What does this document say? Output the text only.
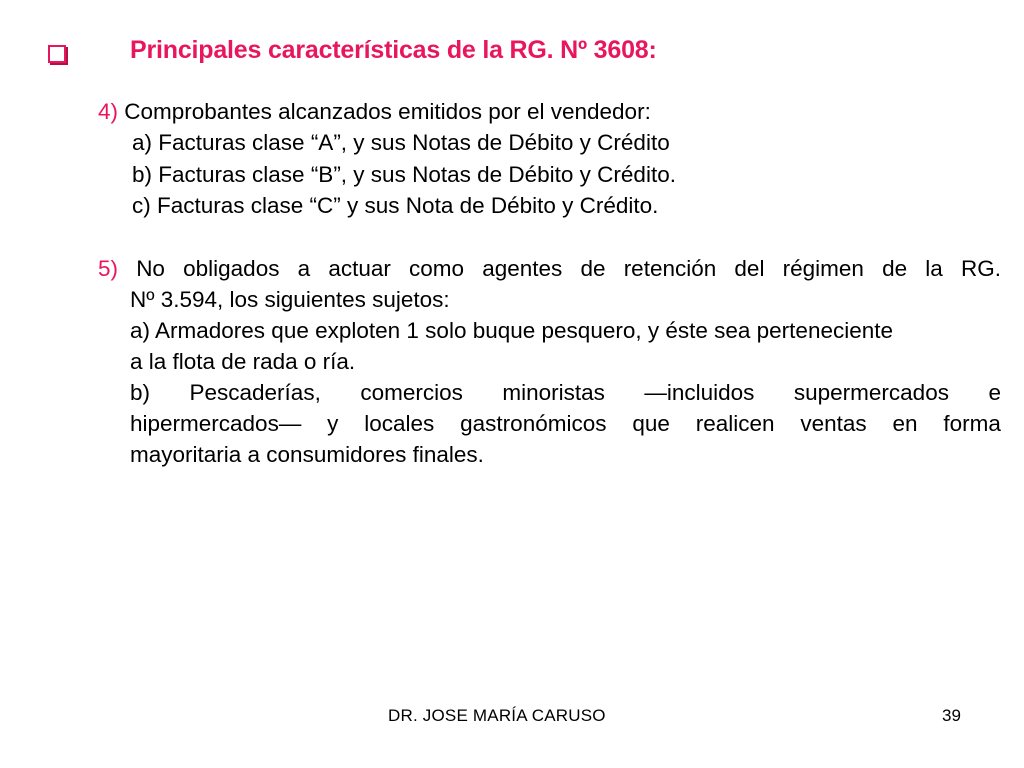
Principales características de la RG. Nº 3608:
4) Comprobantes alcanzados emitidos por el vendedor:
a) Facturas clase “A”, y sus Notas de Débito y Crédito
b) Facturas clase “B”, y sus Notas de Débito y Crédito.
c) Facturas clase “C” y sus Nota de Débito y Crédito.
5) No obligados a actuar como agentes de retención del régimen de la RG.
Nº 3.594, los siguientes sujetos:
a) Armadores que exploten 1 solo buque pesquero, y éste sea perteneciente
a la flota de rada o ría.
b) Pescaderías, comercios minoristas —incluidos supermercados e
hipermercados— y locales gastronómicos que realicen ventas en forma
mayoritaria a consumidores finales.
DR. JOSE MARÍA CARUSO	39
